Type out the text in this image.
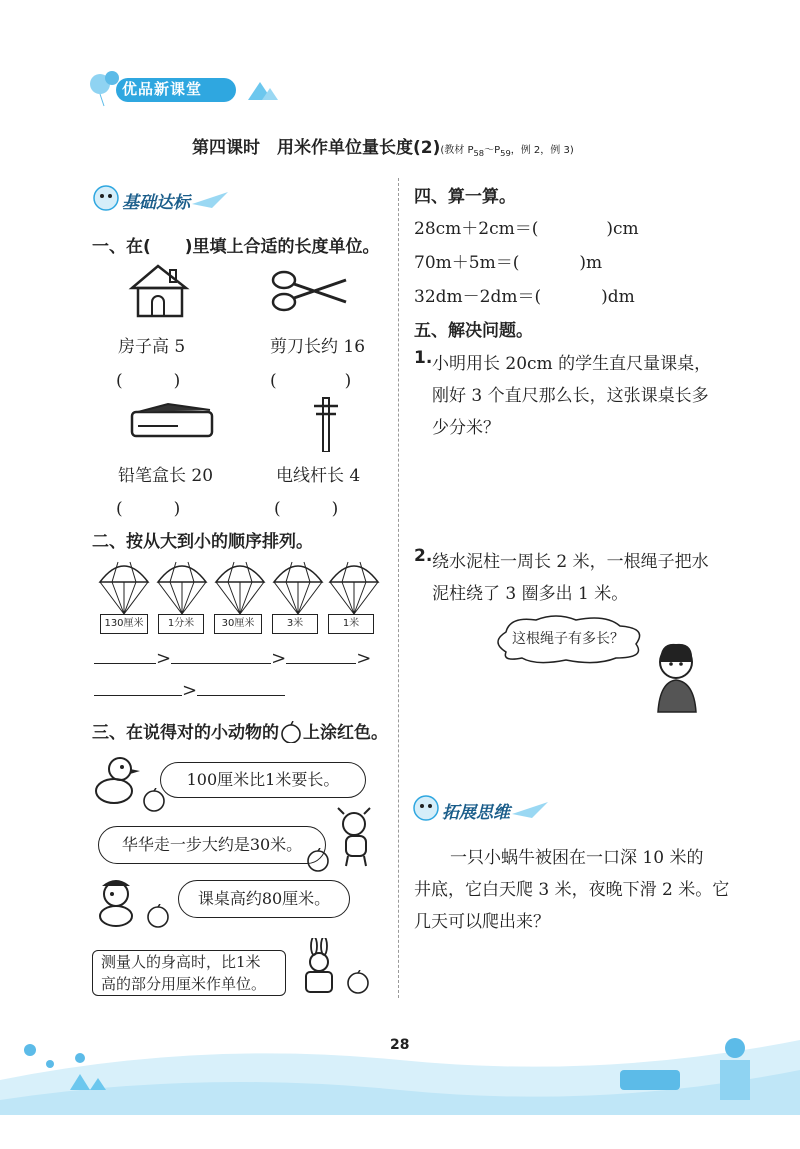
优品新课堂
第四课时　用米作单位量长度(2)(教材 $P_{58}\sim P_{59}$，例 2，例 3)
基础达标
一、在(　　)里填上合适的长度单位。
房子高 5	剪刀长约 16
(　　　)	(　　　　)
铅笔盒长 20	电线杆长 4
(　　　)	(　　　)
二、按从大到小的顺序排列。
130厘米	1分米	30厘米	3米	1米
>	>	>
>
三、在说得对的小动物的 上涂红色。
100厘米比1米要长。
华华走一步大约是30米。
课桌高约80厘米。
测量人的身高时，比1米
高的部分用厘米作单位。
四、算一算。
28cm＋2cm＝(	)cm
70m＋5m＝(	)m
32dm－2dm＝(	)dm
五、解决问题。
1. 小明用长 20cm 的学生直尺量课桌，
刚好 3 个直尺那么长，这张课桌长多
少分米？
2. 绕水泥柱一周长 2 米，一根绳子把水
泥柱绕了 3 圈多出 1 米。
这根绳子有多长？
拓展思维
一只小蜗牛被困在一口深 10 米的
井底，它白天爬 3 米，夜晚下滑 2 米。它
几天可以爬出来？
28
